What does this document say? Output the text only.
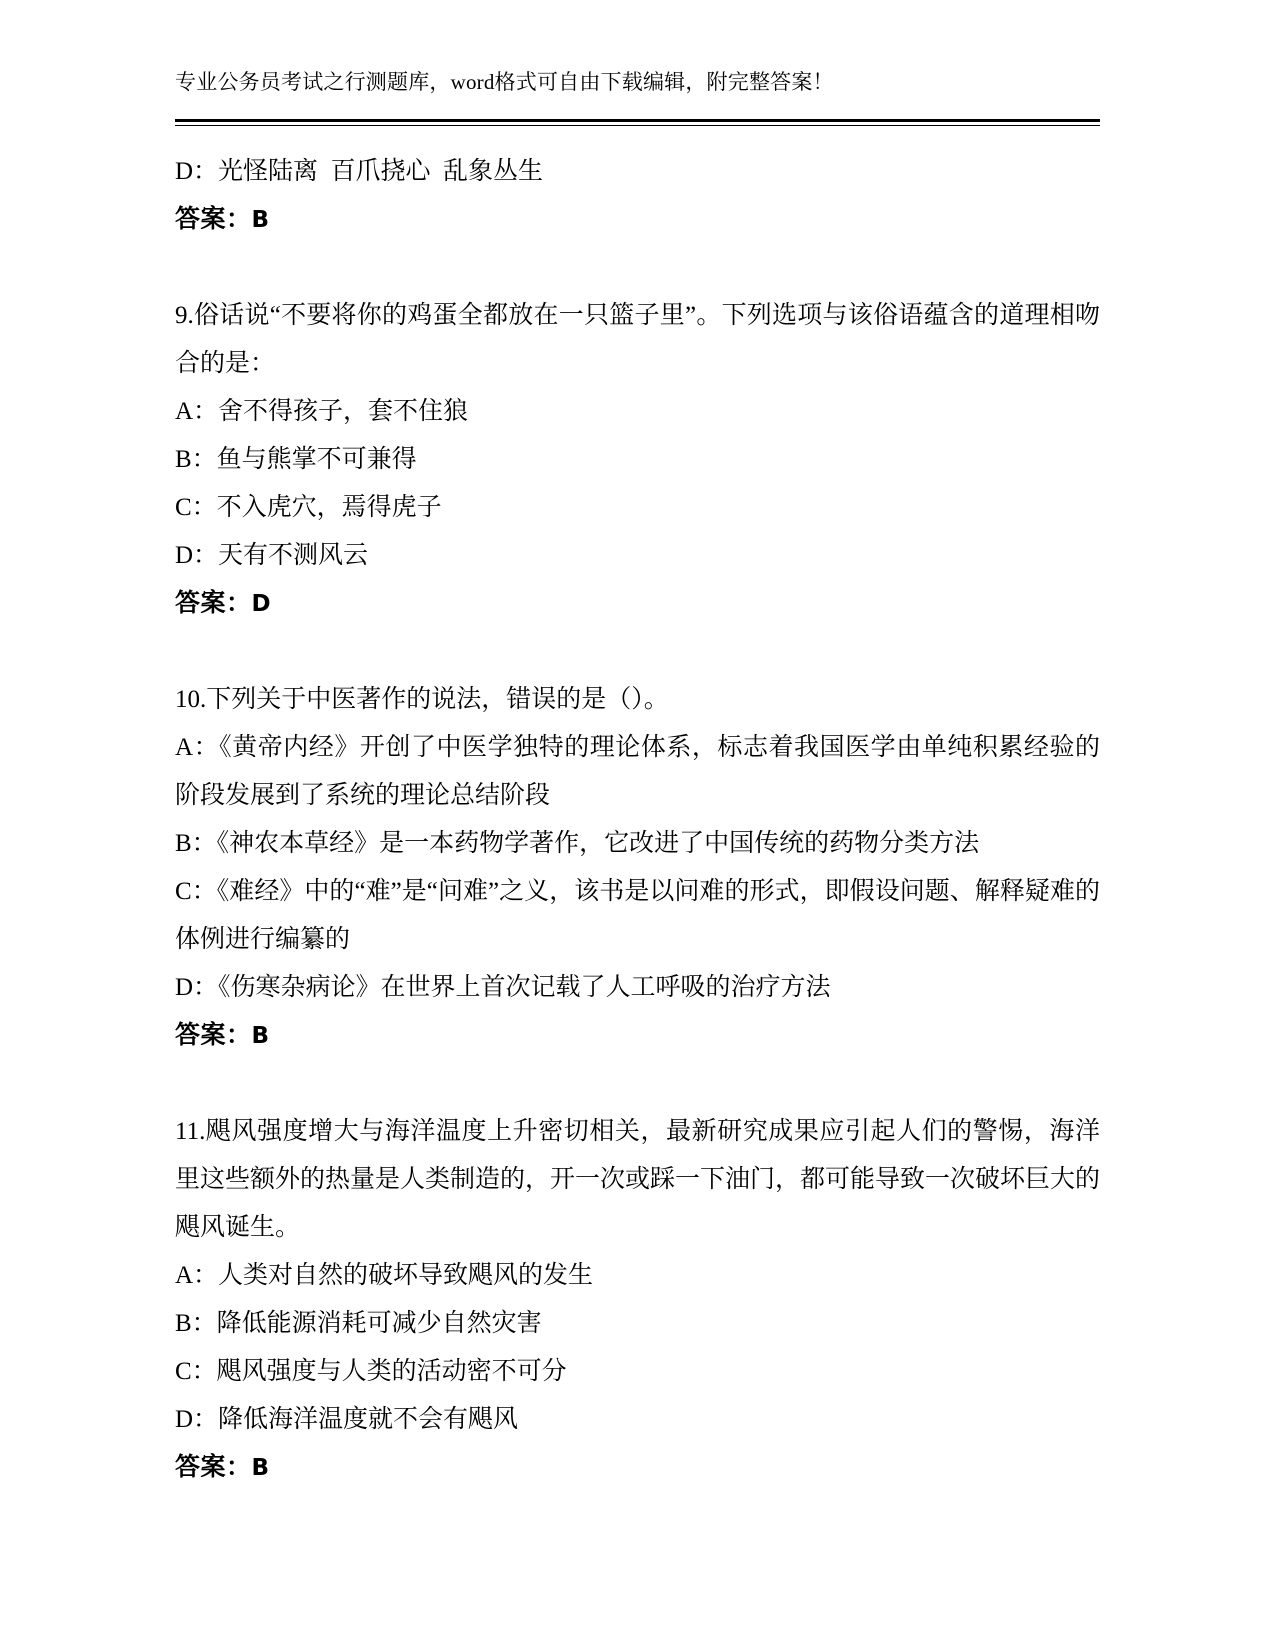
专业公务员考试之行测题库，word格式可自由下载编辑，附完整答案！
D：光怪陆离  百爪挠心  乱象丛生
答案：B
9.俗话说“不要将你的鸡蛋全都放在一只篮子里”。下列选项与该俗语蕴含的道理相吻合的是：
A：舍不得孩子，套不住狼
B：鱼与熊掌不可兼得
C：不入虎穴，焉得虎子
D：天有不测风云
答案：D
10.下列关于中医著作的说法，错误的是（）。
A：《黄帝内经》开创了中医学独特的理论体系，标志着我国医学由单纯积累经验的阶段发展到了系统的理论总结阶段
B：《神农本草经》是一本药物学著作，它改进了中国传统的药物分类方法
C：《难经》中的“难”是“问难”之义，该书是以问难的形式，即假设问题、解释疑难的体例进行编纂的
D：《伤寒杂病论》在世界上首次记载了人工呼吸的治疗方法
答案：B
11.飓风强度增大与海洋温度上升密切相关，最新研究成果应引起人们的警惕，海洋里这些额外的热量是人类制造的，开一次或踩一下油门，都可能导致一次破坏巨大的飓风诞生。
A：人类对自然的破坏导致飓风的发生
B：降低能源消耗可减少自然灾害
C：飓风强度与人类的活动密不可分
D：降低海洋温度就不会有飓风
答案：B
